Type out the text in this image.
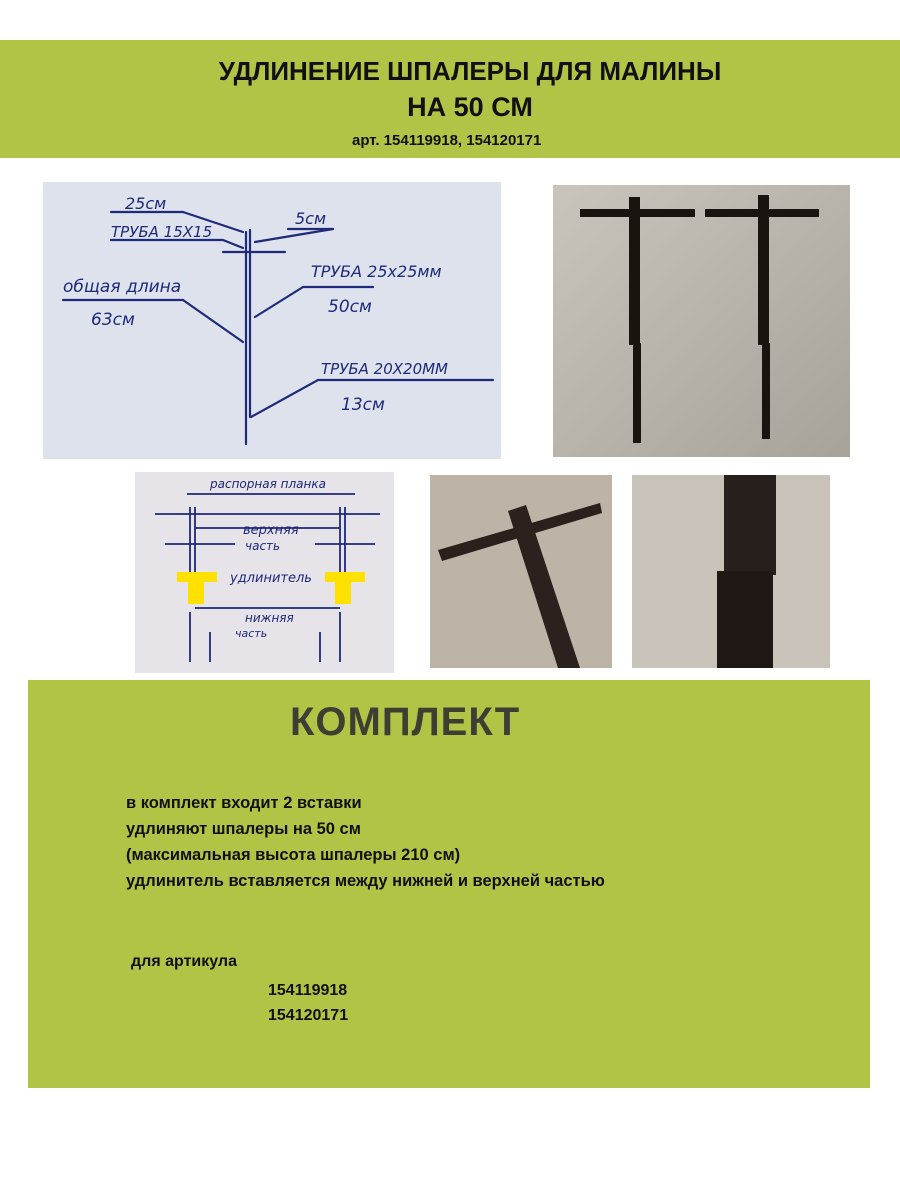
УДЛИНЕНИЕ ШПАЛЕРЫ ДЛЯ МАЛИНЫ
НА 50 СМ
арт. 154119918, 154120171
25см
ТРУБА 15Х15
5см
общая длина
63см
ТРУБА 25х25мм
50см
ТРУБА 20Х20ММ
13см
распорная планка
верхняя
часть
удлинитель
нижняя
часть
КОМПЛЕКТ
в комплект входит 2 вставки
удлиняют шпалеры на 50 см
(максимальная высота шпалеры 210 см)
удлинитель вставляется между нижней и верхней частью
для артикула
154119918
154120171
